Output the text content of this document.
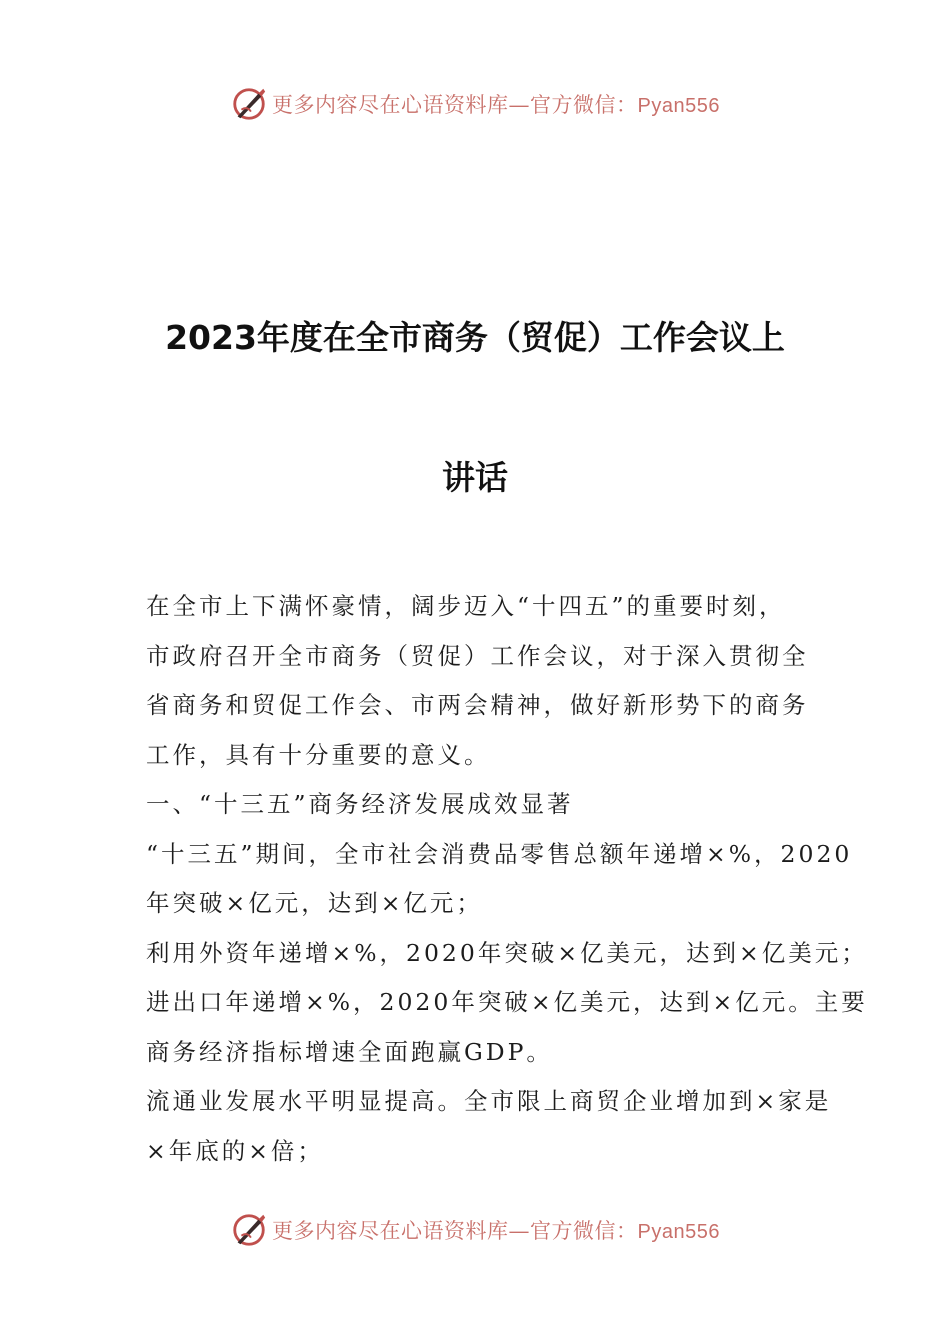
更多内容尽在心语资料库—官方微信：Pyan556
2023年度在全市商务（贸促）工作会议上
讲话

在全市上下满怀豪情，阔步迈入“十四五”的重要时刻，
市政府召开全市商务（贸促）工作会议，对于深入贯彻全
省商务和贸促工作会、市两会精神，做好新形势下的商务
工作，具有十分重要的意义。

一、“十三五”商务经济发展成效显著

“十三五”期间，全市社会消费品零售总额年递增×%，2020
年突破×亿元，达到×亿元；

利用外资年递增×%，2020年突破×亿美元，达到×亿美元；
进出口年递增×%，2020年突破×亿美元，达到×亿元。主要
商务经济指标增速全面跑赢GDP。

流通业发展水平明显提高。全市限上商贸企业增加到×家是
×年底的×倍；

更多内容尽在心语资料库—官方微信：Pyan556
